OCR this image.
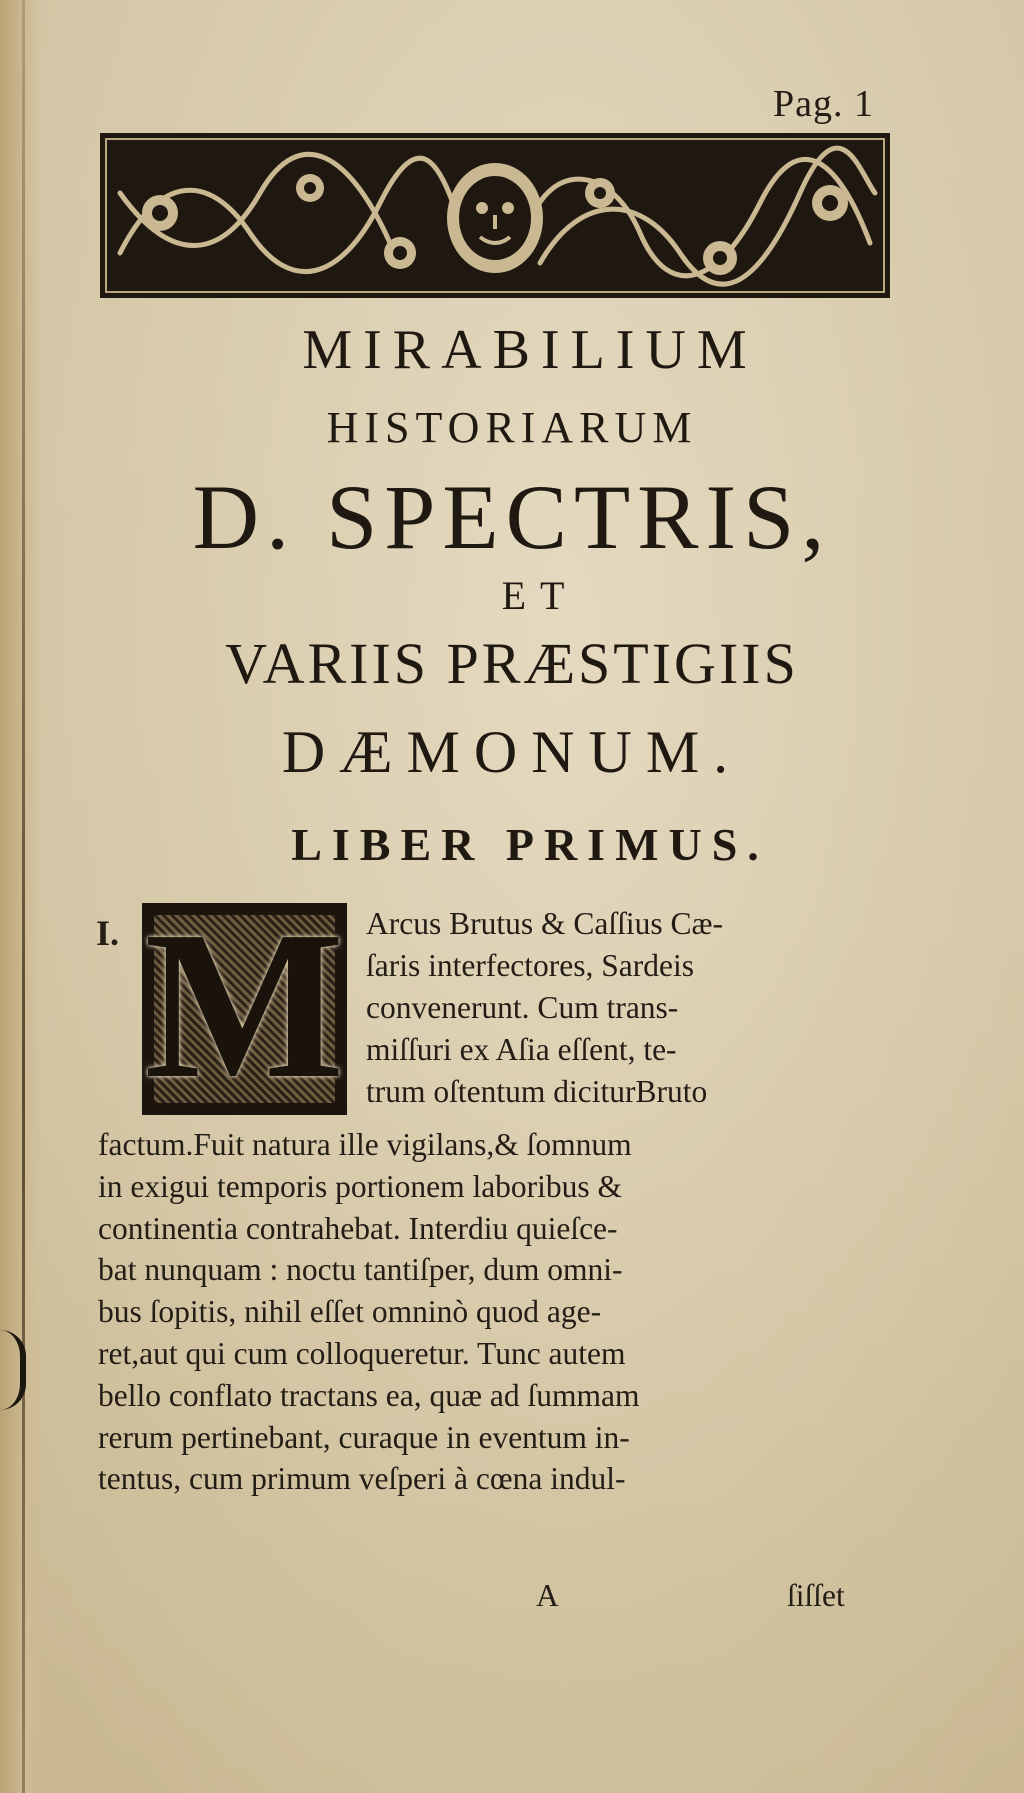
Pag. 1
MIRABILIUM
HISTORIARUM
D. SPECTRIS,
ET
VARIIS PRÆSTIGIIS
DÆMONUM.
LIBER PRIMUS.
I. M Arcus Brutus & Caſſius Cæ-
ſaris interfectores, Sardeis
convenerunt. Cum trans-
miſſuri ex Aſia eſſent, te-
trum oſtentum diciturBruto
factum.Fuit natura ille vigilans,& ſomnum
in exigui temporis portionem laboribus &
continentia contrahebat. Interdiu quieſce-
bat nunquam : noctu tantiſper, dum omni-
bus ſopitis, nihil eſſet omninò quod age-
ret,aut qui cum colloqueretur. Tunc autem
bello conflato tractans ea, quæ ad ſummam
rerum pertinebant, curaque in eventum in-
tentus, cum primum veſperi à cœna indul-
A	ſiſſet
